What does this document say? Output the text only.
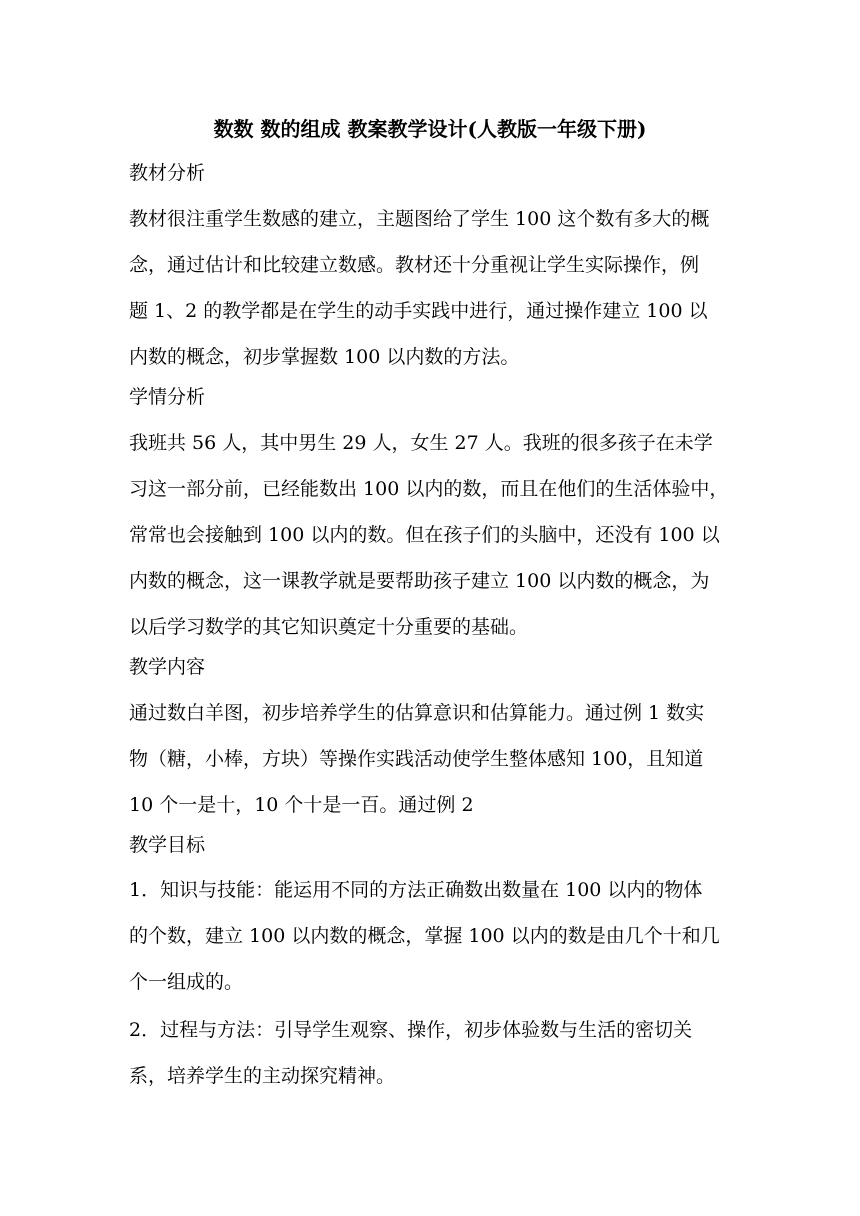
数数 数的组成 教案教学设计(人教版一年级下册)
教材分析
教材很注重学生数感的建立，主题图给了学生 100 这个数有多大的概
念，通过估计和比较建立数感。教材还十分重视让学生实际操作，例
题 1、2 的教学都是在学生的动手实践中进行，通过操作建立 100 以
内数的概念，初步掌握数 100 以内数的方法。
学情分析
我班共 56 人，其中男生 29 人，女生 27 人。我班的很多孩子在未学
习这一部分前，已经能数出 100 以内的数，而且在他们的生活体验中，
常常也会接触到 100 以内的数。但在孩子们的头脑中，还没有 100 以
内数的概念，这一课教学就是要帮助孩子建立 100 以内数的概念，为
以后学习数学的其它知识奠定十分重要的基础。
教学内容
通过数白羊图，初步培养学生的估算意识和估算能力。通过例 1 数实
物（糖，小棒，方块）等操作实践活动使学生整体感知 100，且知道
10 个一是十，10 个十是一百。通过例 2
教学目标
1．知识与技能：能运用不同的方法正确数出数量在 100 以内的物体
的个数，建立 100 以内数的概念，掌握 100 以内的数是由几个十和几
个一组成的。
2．过程与方法：引导学生观察、操作，初步体验数与生活的密切关
系，培养学生的主动探究精神。
